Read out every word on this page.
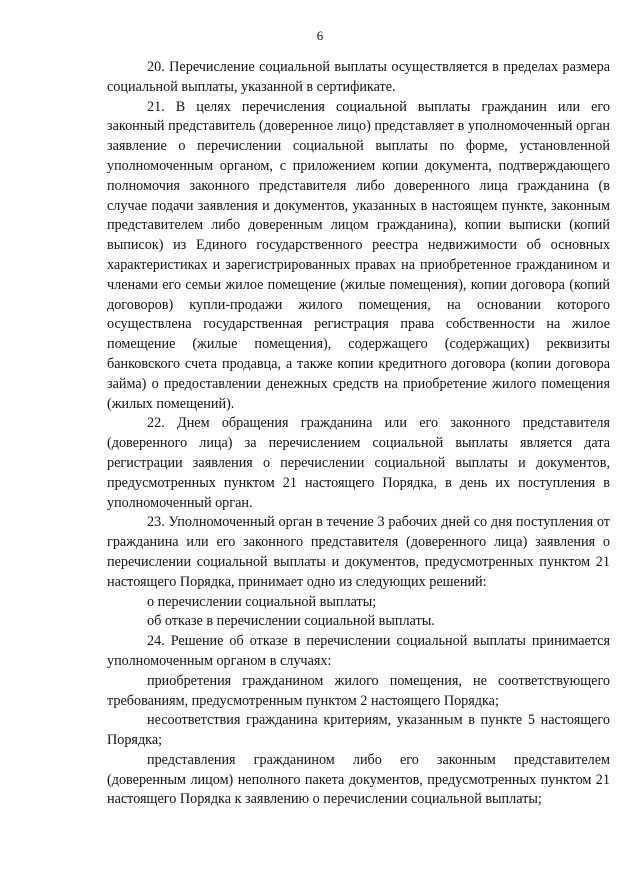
6

20. Перечисление социальной выплаты осуществляется в пределах размера социальной выплаты, указанной в сертификате.

21. В целях перечисления социальной выплаты гражданин или его законный представитель (доверенное лицо) представляет в уполномоченный орган заявление о перечислении социальной выплаты по форме, установленной уполномоченным органом, с приложением копии документа, подтверждающего полномочия законного представителя либо доверенного лица гражданина (в случае подачи заявления и документов, указанных в настоящем пункте, законным представителем либо доверенным лицом гражданина), копии выписки (копий выписок) из Единого государственного реестра недвижимости об основных характеристиках и зарегистрированных правах на приобретенное гражданином и членами его семьи жилое помещение (жилые помещения), копии договора (копий договоров) купли-продажи жилого помещения, на основании которого осуществлена государственная регистрация права собственности на жилое помещение (жилые помещения), содержащего (содержащих) реквизиты банковского счета продавца, а также копии кредитного договора (копии договора займа) о предоставлении денежных средств на приобретение жилого помещения (жилых помещений).

22. Днем обращения гражданина или его законного представителя (доверенного лица) за перечислением социальной выплаты является дата регистрации заявления о перечислении социальной выплаты и документов, предусмотренных пунктом 21 настоящего Порядка, в день их поступления в уполномоченный орган.

23. Уполномоченный орган в течение 3 рабочих дней со дня поступления от гражданина или его законного представителя (доверенного лица) заявления о перечислении социальной выплаты и документов, предусмотренных пунктом 21 настоящего Порядка, принимает одно из следующих решений:

о перечислении социальной выплаты;

об отказе в перечислении социальной выплаты.

24. Решение об отказе в перечислении социальной выплаты принимается уполномоченным органом в случаях:

приобретения гражданином жилого помещения, не соответствующего требованиям, предусмотренным пунктом 2 настоящего Порядка;

несоответствия гражданина критериям, указанным в пункте 5 настоящего Порядка;

представления гражданином либо его законным представителем (доверенным лицом) неполного пакета документов, предусмотренных пунктом 21 настоящего Порядка к заявлению о перечислении социальной выплаты;
